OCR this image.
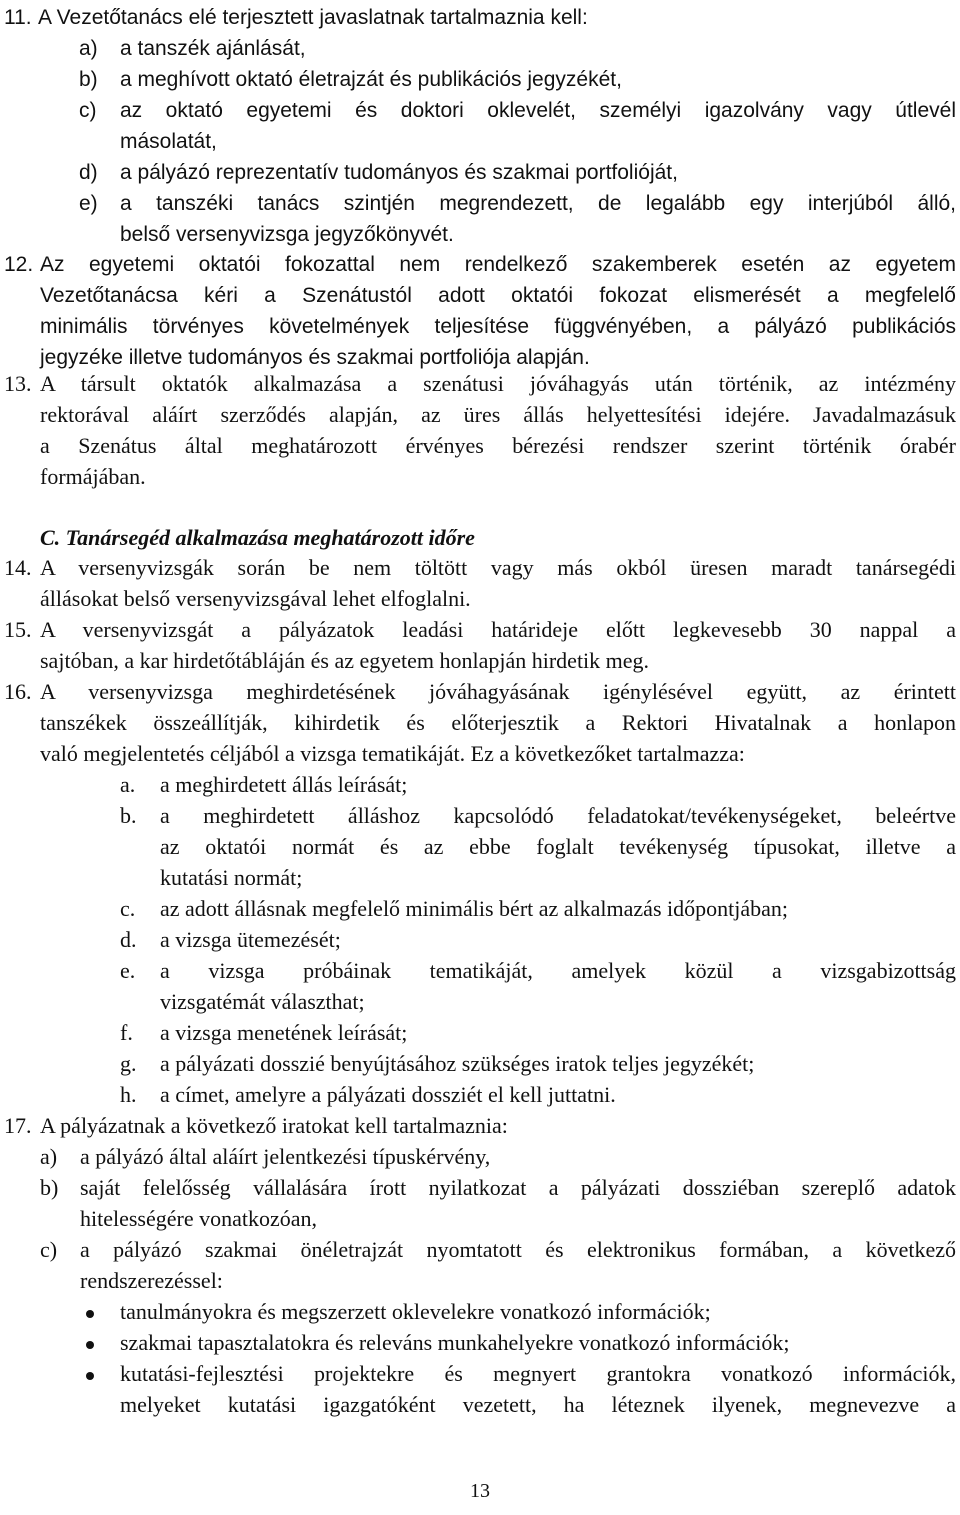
11. A Vezetőtanács elé terjesztett javaslatnak tartalmaznia kell:
a) a tanszék ajánlását,
b) a meghívott oktató életrajzát és publikációs jegyzékét,
c) az oktató egyetemi és doktori oklevelét, személyi igazolvány vagy útlevél
másolatát,
d) a pályázó reprezentatív tudományos és szakmai portfolióját,
e) a tanszéki tanács szintjén megrendezett, de legalább egy interjúból álló,
belső versenyvizsga jegyzőkönyvét.
12. Az egyetemi oktatói fokozattal nem rendelkező szakemberek esetén az egyetem
Vezetőtanácsa kéri a Szenátustól adott oktatói fokozat elismerését a megfelelő
minimális törvényes követelmények teljesítése függvényében, a pályázó publikációs
jegyzéke illetve tudományos és szakmai portfoliója alapján.
13. A társult oktatók alkalmazása a szenátusi jóváhagyás után történik, az intézmény
rektorával aláírt szerződés alapján, az üres állás helyettesítési idejére. Javadalmazásuk
a Szenátus által meghatározott érvényes bérezési rendszer szerint történik órabér
formájában.
C. Tanársegéd alkalmazása meghatározott időre
14. A versenyvizsgák során be nem töltött vagy más okból üresen maradt tanársegédi
állásokat belső versenyvizsgával lehet elfoglalni.
15. A versenyvizsgát a pályázatok leadási határideje előtt legkevesebb 30 nappal a
sajtóban, a kar hirdetőtábláján és az egyetem honlapján hirdetik meg.
16. A versenyvizsga meghirdetésének jóváhagyásának igénylésével együtt, az érintett
tanszékek összeállítják, kihirdetik és előterjesztik a Rektori Hivatalnak a honlapon
való megjelentetés céljából a vizsga tematikáját. Ez a következőket tartalmazza:
a. a meghirdetett állás leírását;
b. a meghirdetett álláshoz kapcsolódó feladatokat/tevékenységeket, beleértve
az oktatói normát és az ebbe foglalt tevékenység típusokat, illetve a
kutatási normát;
c. az adott állásnak megfelelő minimális bért az alkalmazás időpontjában;
d. a vizsga ütemezését;
e. a vizsga próbáinak tematikáját, amelyek közül a vizsgabizottság
vizsgatémát választhat;
f. a vizsga menetének leírását;
g. a pályázati dosszié benyújtásához szükséges iratok teljes jegyzékét;
h. a címet, amelyre a pályázati dossziét el kell juttatni.
17. A pályázatnak a következő iratokat kell tartalmaznia:
a) a pályázó által aláírt jelentkezési típuskérvény,
b) saját felelősség vállalására írott nyilatkozat a pályázati dossziéban szereplő adatok
hitelességére vonatkozóan,
c) a pályázó szakmai önéletrajzát nyomtatott és elektronikus formában, a következő
rendszerezéssel:
tanulmányokra és megszerzett oklevelekre vonatkozó információk;
szakmai tapasztalatokra és releváns munkahelyekre vonatkozó információk;
kutatási-fejlesztési projektekre és megnyert grantokra vonatkozó információk,
melyeket kutatási igazgatóként vezetett, ha léteznek ilyenek, megnevezve a
13
